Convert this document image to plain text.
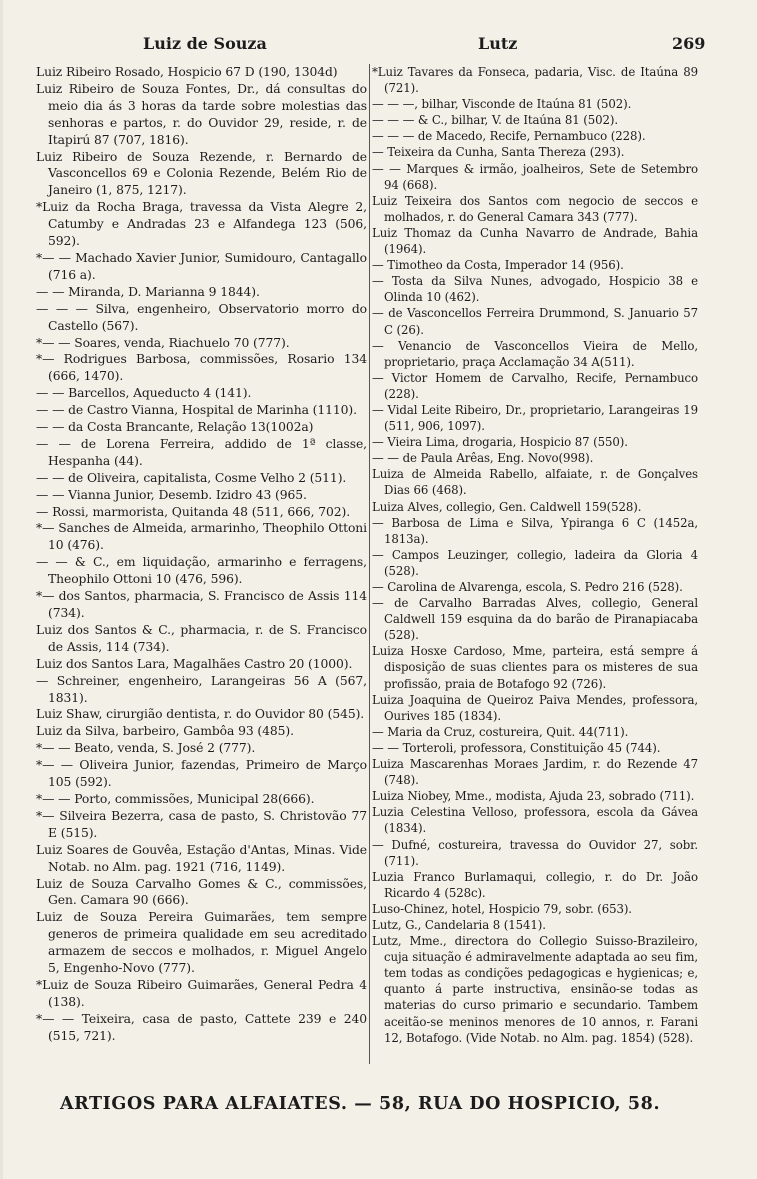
Luiz de Souza	Lutz	269

Luiz Ribeiro Rosado, Hospicio 67 D (190, 1304d)

Luiz Ribeiro de Souza Fontes, Dr., dá consultas do meio dia ás 3 horas da tarde sobre molestias das senhoras e partos, r. do Ouvidor 29, reside, r. de Itapirú 87 (707, 1816).

Luiz Ribeiro de Souza Rezende, r. Bernardo de Vasconcellos 69 e Colonia Rezende, Belém Rio de Janeiro (1, 875, 1217).

*Luiz da Rocha Braga, travessa da Vista Alegre 2, Catumby e Andradas 23 e Alfandega 123 (506, 592).

*— — Machado Xavier Junior, Sumidouro, Cantagallo (716 a).

— — Miranda, D. Marianna 9 1844).

— — — Silva, engenheiro, Observatorio morro do Castello (567).

*— — Soares, venda, Riachuelo 70 (777).

*— Rodrigues Barbosa, commissões, Rosario 134 (666, 1470).

— — Barcellos, Aqueducto 4 (141).

— — de Castro Vianna, Hospital de Marinha (1110).

— — da Costa Brancante, Relação 13(1002a)

— — de Lorena Ferreira, addido de 1ª classe, Hespanha (44).

— — de Oliveira, capitalista, Cosme Velho 2 (511).

— — Vianna Junior, Desemb. Izidro 43 (965.

— Rossi, marmorista, Quitanda 48 (511, 666, 702).

*— Sanches de Almeida, armarinho, Theophilo Ottoni 10 (476).

— — & C., em liquidação, armarinho e ferragens, Theophilo Ottoni 10 (476, 596).

*— dos Santos, pharmacia, S. Francisco de Assis 114 (734).

Luiz dos Santos & C., pharmacia, r. de S. Francisco de Assis, 114 (734).

Luiz dos Santos Lara, Magalhães Castro 20 (1000).

— Schreiner, engenheiro, Larangeiras 56 A (567, 1831).

Luiz Shaw, cirurgião dentista, r. do Ouvidor 80 (545).

Luiz da Silva, barbeiro, Gambôa 93 (485).

*— — Beato, venda, S. José 2 (777).

*— — Oliveira Junior, fazendas, Primeiro de Março 105 (592).

*— — Porto, commissões, Municipal 28(666).

*— Silveira Bezerra, casa de pasto, S. Christovão 77 E (515).

Luiz Soares de Gouvêa, Estação d'Antas, Minas. Vide Notab. no Alm. pag. 1921 (716, 1149).

Luiz de Souza Carvalho Gomes & C., commissões, Gen. Camara 90 (666).

Luiz de Souza Pereira Guimarães, tem sempre generos de primeira qualidade em seu acreditado armazem de seccos e molhados, r. Miguel Angelo 5, Engenho-Novo (777).

*Luiz de Souza Ribeiro Guimarães, General Pedra 4 (138).

*— — Teixeira, casa de pasto, Cattete 239 e 240 (515, 721).

*Luiz Tavares da Fonseca, padaria, Visc. de Itaúna 89 (721).

— — —, bilhar, Visconde de Itaúna 81 (502).

— — — & C., bilhar, V. de Itaúna 81 (502).

— — — de Macedo, Recife, Pernambuco (228).

— Teixeira da Cunha, Santa Thereza (293).

— — Marques & irmão, joalheiros, Sete de Setembro 94 (668).

Luiz Teixeira dos Santos com negocio de seccos e molhados, r. do General Camara 343 (777).

Luiz Thomaz da Cunha Navarro de Andrade, Bahia (1964).

— Timotheo da Costa, Imperador 14 (956).

— Tosta da Silva Nunes, advogado, Hospicio 38 e Olinda 10 (462).

— de Vasconcellos Ferreira Drummond, S. Januario 57 C (26).

— Venancio de Vasconcellos Vieira de Mello, proprietario, praça Acclamação 34 A(511).

— Victor Homem de Carvalho, Recife, Pernambuco (228).

— Vidal Leite Ribeiro, Dr., proprietario, Larangeiras 19 (511, 906, 1097).

— Vieira Lima, drogaria, Hospicio 87 (550).

— — de Paula Arêas, Eng. Novo(998).

Luiza de Almeida Rabello, alfaiate, r. de Gonçalves Dias 66 (468).

Luiza Alves, collegio, Gen. Caldwell 159(528).

— Barbosa de Lima e Silva, Ypiranga 6 C (1452a, 1813a).

— Campos Leuzinger, collegio, ladeira da Gloria 4 (528).

— Carolina de Alvarenga, escola, S. Pedro 216 (528).

— de Carvalho Barradas Alves, collegio, General Caldwell 159 esquina da do barão de Piranapiacaba (528).

Luiza Hosxe Cardoso, Mme, parteira, está sempre á disposição de suas clientes para os misteres de sua profissão, praia de Botafogo 92 (726).

Luiza Joaquina de Queiroz Paiva Mendes, professora, Ourives 185 (1834).

— Maria da Cruz, costureira, Quit. 44(711).

— — Torteroli, professora, Constituição 45 (744).

Luiza Mascarenhas Moraes Jardim, r. do Rezende 47 (748).

Luiza Niobey, Mme., modista, Ajuda 23, sobrado (711).

Luzia Celestina Velloso, professora, escola da Gávea (1834).

— Dufné, costureira, travessa do Ouvidor 27, sobr. (711).

Luzia Franco Burlamaqui, collegio, r. do Dr. João Ricardo 4 (528c).

Luso-Chinez, hotel, Hospicio 79, sobr. (653).

Lutz, G., Candelaria 8 (1541).

Lutz, Mme., directora do Collegio Suisso-Brazileiro, cuja situação é admiravelmente adaptada ao seu fim, tem todas as condições pedagogicas e hygienicas; e, quanto á parte instructiva, ensinão-se todas as materias do curso primario e secundario. Tambem aceitão-se meninos menores de 10 annos, r. Farani 12, Botafogo. (Vide Notab. no Alm. pag. 1854) (528).

ARTIGOS PARA ALFAIATES. — 58, RUA DO HOSPICIO, 58.
